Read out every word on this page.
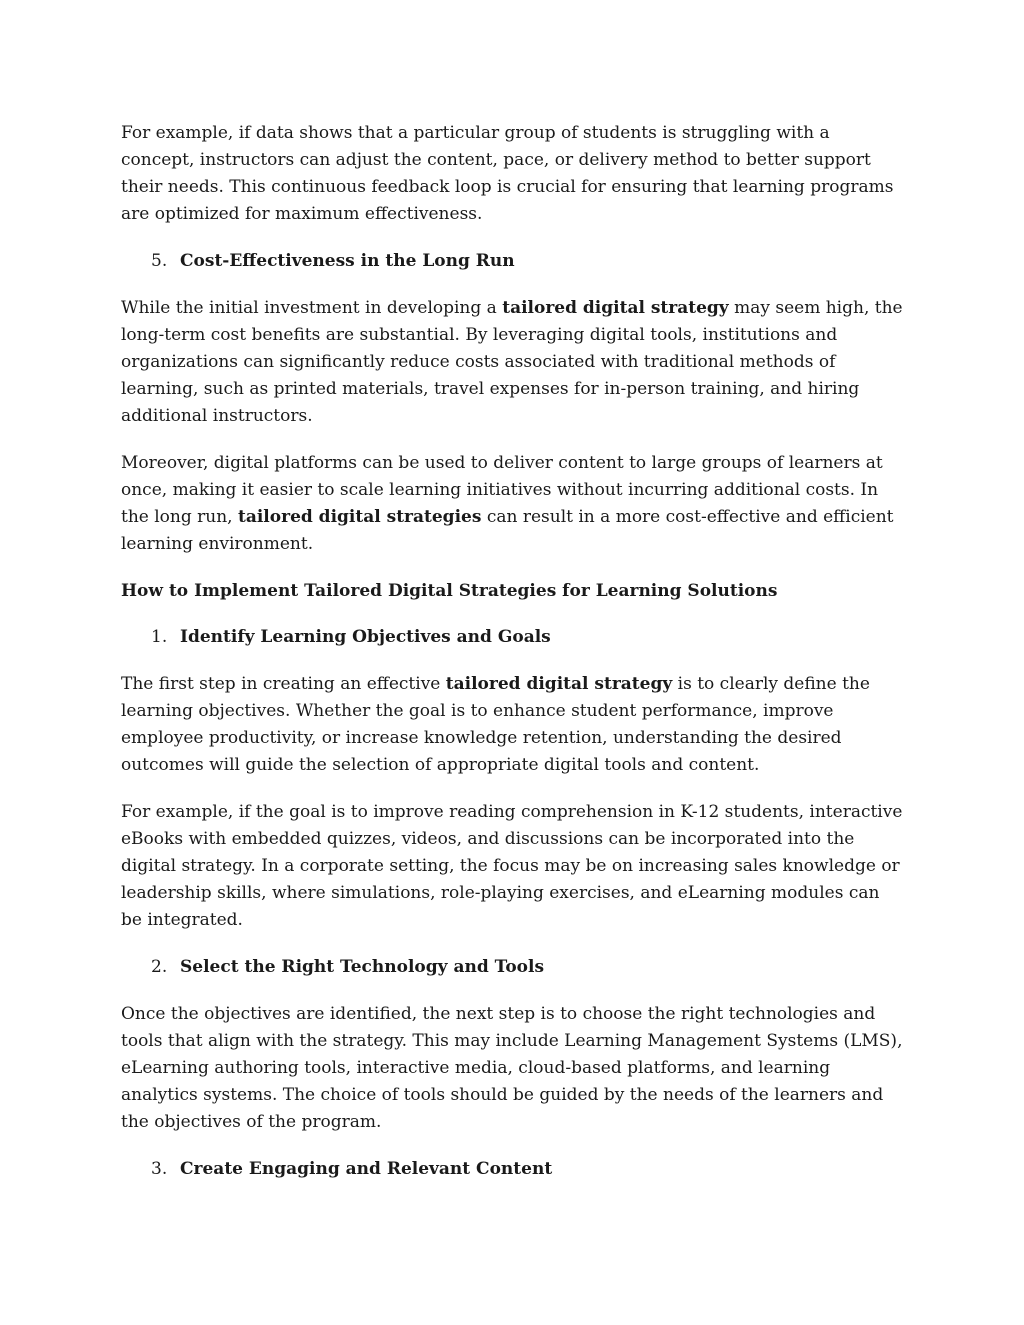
For example, if data shows that a particular group of students is struggling with a concept, instructors can adjust the content, pace, or delivery method to better support their needs. This continuous feedback loop is crucial for ensuring that learning programs are optimized for maximum effectiveness.

5. Cost-Effectiveness in the Long Run

While the initial investment in developing a tailored digital strategy may seem high, the long-term cost benefits are substantial. By leveraging digital tools, institutions and organizations can significantly reduce costs associated with traditional methods of learning, such as printed materials, travel expenses for in-person training, and hiring additional instructors.

Moreover, digital platforms can be used to deliver content to large groups of learners at once, making it easier to scale learning initiatives without incurring additional costs. In the long run, tailored digital strategies can result in a more cost-effective and efficient learning environment.

How to Implement Tailored Digital Strategies for Learning Solutions

1. Identify Learning Objectives and Goals

The first step in creating an effective tailored digital strategy is to clearly define the learning objectives. Whether the goal is to enhance student performance, improve employee productivity, or increase knowledge retention, understanding the desired outcomes will guide the selection of appropriate digital tools and content.

For example, if the goal is to improve reading comprehension in K-12 students, interactive eBooks with embedded quizzes, videos, and discussions can be incorporated into the digital strategy. In a corporate setting, the focus may be on increasing sales knowledge or leadership skills, where simulations, role-playing exercises, and eLearning modules can be integrated.

2. Select the Right Technology and Tools

Once the objectives are identified, the next step is to choose the right technologies and tools that align with the strategy. This may include Learning Management Systems (LMS), eLearning authoring tools, interactive media, cloud-based platforms, and learning analytics systems. The choice of tools should be guided by the needs of the learners and the objectives of the program.

3. Create Engaging and Relevant Content
